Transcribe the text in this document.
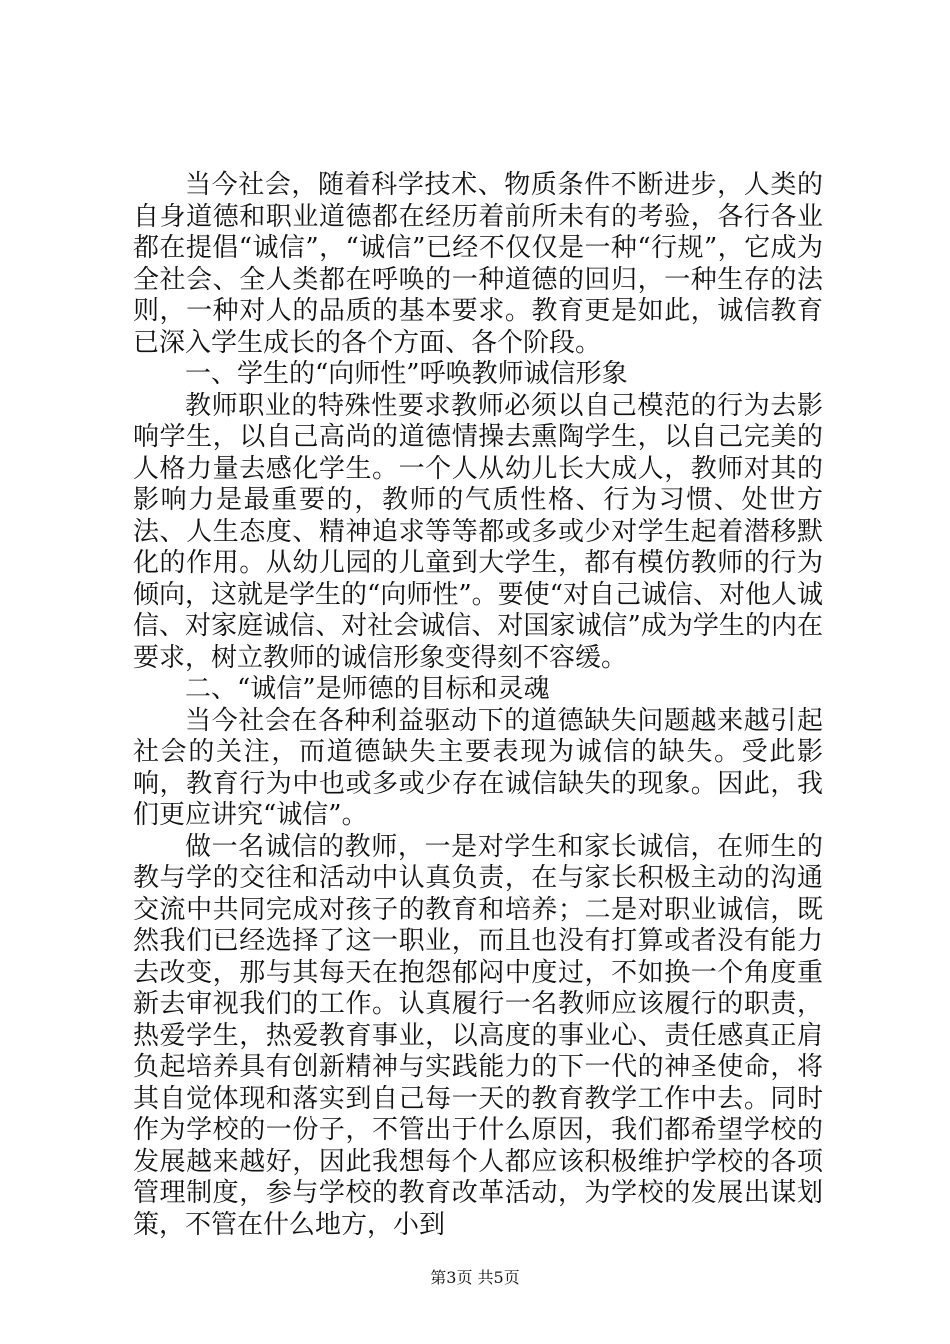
当今社会，随着科学技术、物质条件不断进步，人类的自身道德和职业道德都在经历着前所未有的考验，各行各业都在提倡“诚信”，“诚信”已经不仅仅是一种“行规”，它成为全社会、全人类都在呼唤的一种道德的回归，一种生存的法则，一种对人的品质的基本要求。教育更是如此，诚信教育已深入学生成长的各个方面、各个阶段。

一、学生的“向师性”呼唤教师诚信形象

教师职业的特殊性要求教师必须以自己模范的行为去影响学生，以自己高尚的道德情操去熏陶学生，以自己完美的人格力量去感化学生。一个人从幼儿长大成人，教师对其的影响力是最重要的，教师的气质性格、行为习惯、处世方法、人生态度、精神追求等等都或多或少对学生起着潜移默化的作用。从幼儿园的儿童到大学生，都有模仿教师的行为倾向，这就是学生的“向师性”。要使“对自己诚信、对他人诚信、对家庭诚信、对社会诚信、对国家诚信”成为学生的内在要求，树立教师的诚信形象变得刻不容缓。

二、“诚信”是师德的目标和灵魂

当今社会在各种利益驱动下的道德缺失问题越来越引起社会的关注，而道德缺失主要表现为诚信的缺失。受此影响，教育行为中也或多或少存在诚信缺失的现象。因此，我们更应讲究“诚信”。

做一名诚信的教师，一是对学生和家长诚信，在师生的教与学的交往和活动中认真负责，在与家长积极主动的沟通交流中共同完成对孩子的教育和培养；二是对职业诚信，既然我们已经选择了这一职业，而且也没有打算或者没有能力去改变，那与其每天在抱怨郁闷中度过，不如换一个角度重新去审视我们的工作。认真履行一名教师应该履行的职责，热爱学生，热爱教育事业，以高度的事业心、责任感真正肩负起培养具有创新精神与实践能力的下一代的神圣使命，将其自觉体现和落实到自己每一天的教育教学工作中去。同时作为学校的一份子，不管出于什么原因，我们都希望学校的发展越来越好，因此我想每个人都应该积极维护学校的各项管理制度，参与学校的教育改革活动，为学校的发展出谋划策，不管在什么地方，小到

第3页 共5页
